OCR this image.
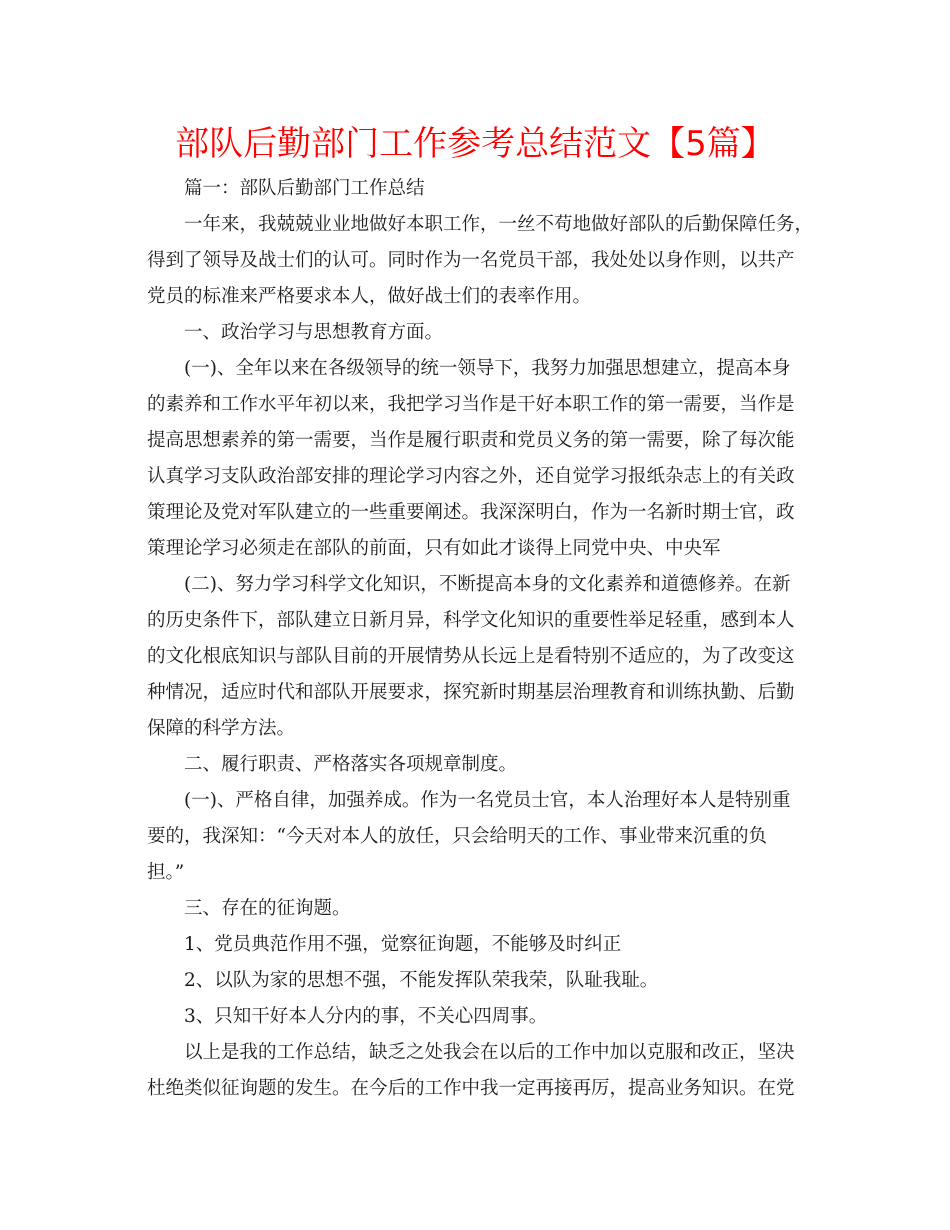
部队后勤部门工作参考总结范文【5篇】
篇一：部队后勤部门工作总结
一年来，我兢兢业业地做好本职工作，一丝不苟地做好部队的后勤保障任务，
得到了领导及战士们的认可。同时作为一名党员干部，我处处以身作则，以共产
党员的标准来严格要求本人，做好战士们的表率作用。
一、政治学习与思想教育方面。
(一)、全年以来在各级领导的统一领导下，我努力加强思想建立，提高本身
的素养和工作水平年初以来，我把学习当作是干好本职工作的第一需要，当作是
提高思想素养的第一需要，当作是履行职责和党员义务的第一需要，除了每次能
认真学习支队政治部安排的理论学习内容之外，还自觉学习报纸杂志上的有关政
策理论及党对军队建立的一些重要阐述。我深深明白，作为一名新时期士官，政
策理论学习必须走在部队的前面，只有如此才谈得上同党中央、中央军
(二)、努力学习科学文化知识，不断提高本身的文化素养和道德修养。在新
的历史条件下，部队建立日新月异，科学文化知识的重要性举足轻重，感到本人
的文化根底知识与部队目前的开展情势从长远上是看特别不适应的，为了改变这
种情况，适应时代和部队开展要求，探究新时期基层治理教育和训练执勤、后勤
保障的科学方法。
二、履行职责、严格落实各项规章制度。
(一)、严格自律，加强养成。作为一名党员士官，本人治理好本人是特别重
要的，我深知：“今天对本人的放任，只会给明天的工作、事业带来沉重的负
担。”
三、存在的征询题。
1、党员典范作用不强，觉察征询题，不能够及时纠正
2、以队为家的思想不强，不能发挥队荣我荣，队耻我耻。
3、只知干好本人分内的事，不关心四周事。
以上是我的工作总结，缺乏之处我会在以后的工作中加以克服和改正，坚决
杜绝类似征询题的发生。在今后的工作中我一定再接再厉，提高业务知识。在党
